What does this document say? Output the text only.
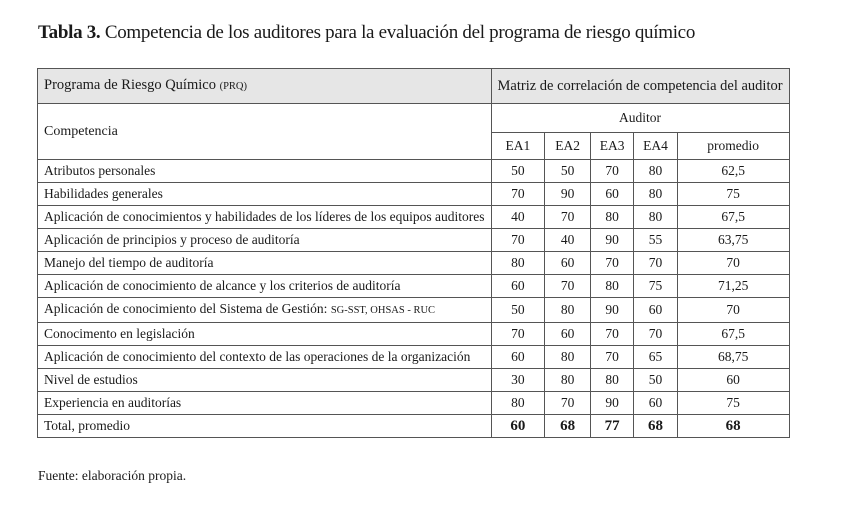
Tabla 3. Competencia de los auditores para la evaluación del programa de riesgo químico
Programa de Riesgo Químico (PRQ)	Matriz de correlación de competencia del auditor				
Competencia	Auditor				
	EA1	EA2	EA3	EA4	promedio
Atributos personales	50	50	70	80	62,5
Habilidades generales	70	90	60	80	75
Aplicación de conocimientos y habilidades de los líderes de los equipos auditores	40	70	80	80	67,5
Aplicación de principios y proceso de auditoría	70	40	90	55	63,75
Manejo del tiempo de auditoría	80	60	70	70	70
Aplicación de conocimiento de alcance y los criterios de auditoría	60	70	80	75	71,25
Aplicación de conocimiento del Sistema de Gestión: SG-SST, OHSAS - RUC	50	80	90	60	70
Conocimento en legislación	70	60	70	70	67,5
Aplicación de conocimiento del contexto de las operaciones de la organización	60	80	70	65	68,75
Nivel de estudios	30	80	80	50	60
Experiencia en auditorías	80	70	90	60	75
Total, promedio	60	68	77	68	68
Fuente: elaboración propia.
